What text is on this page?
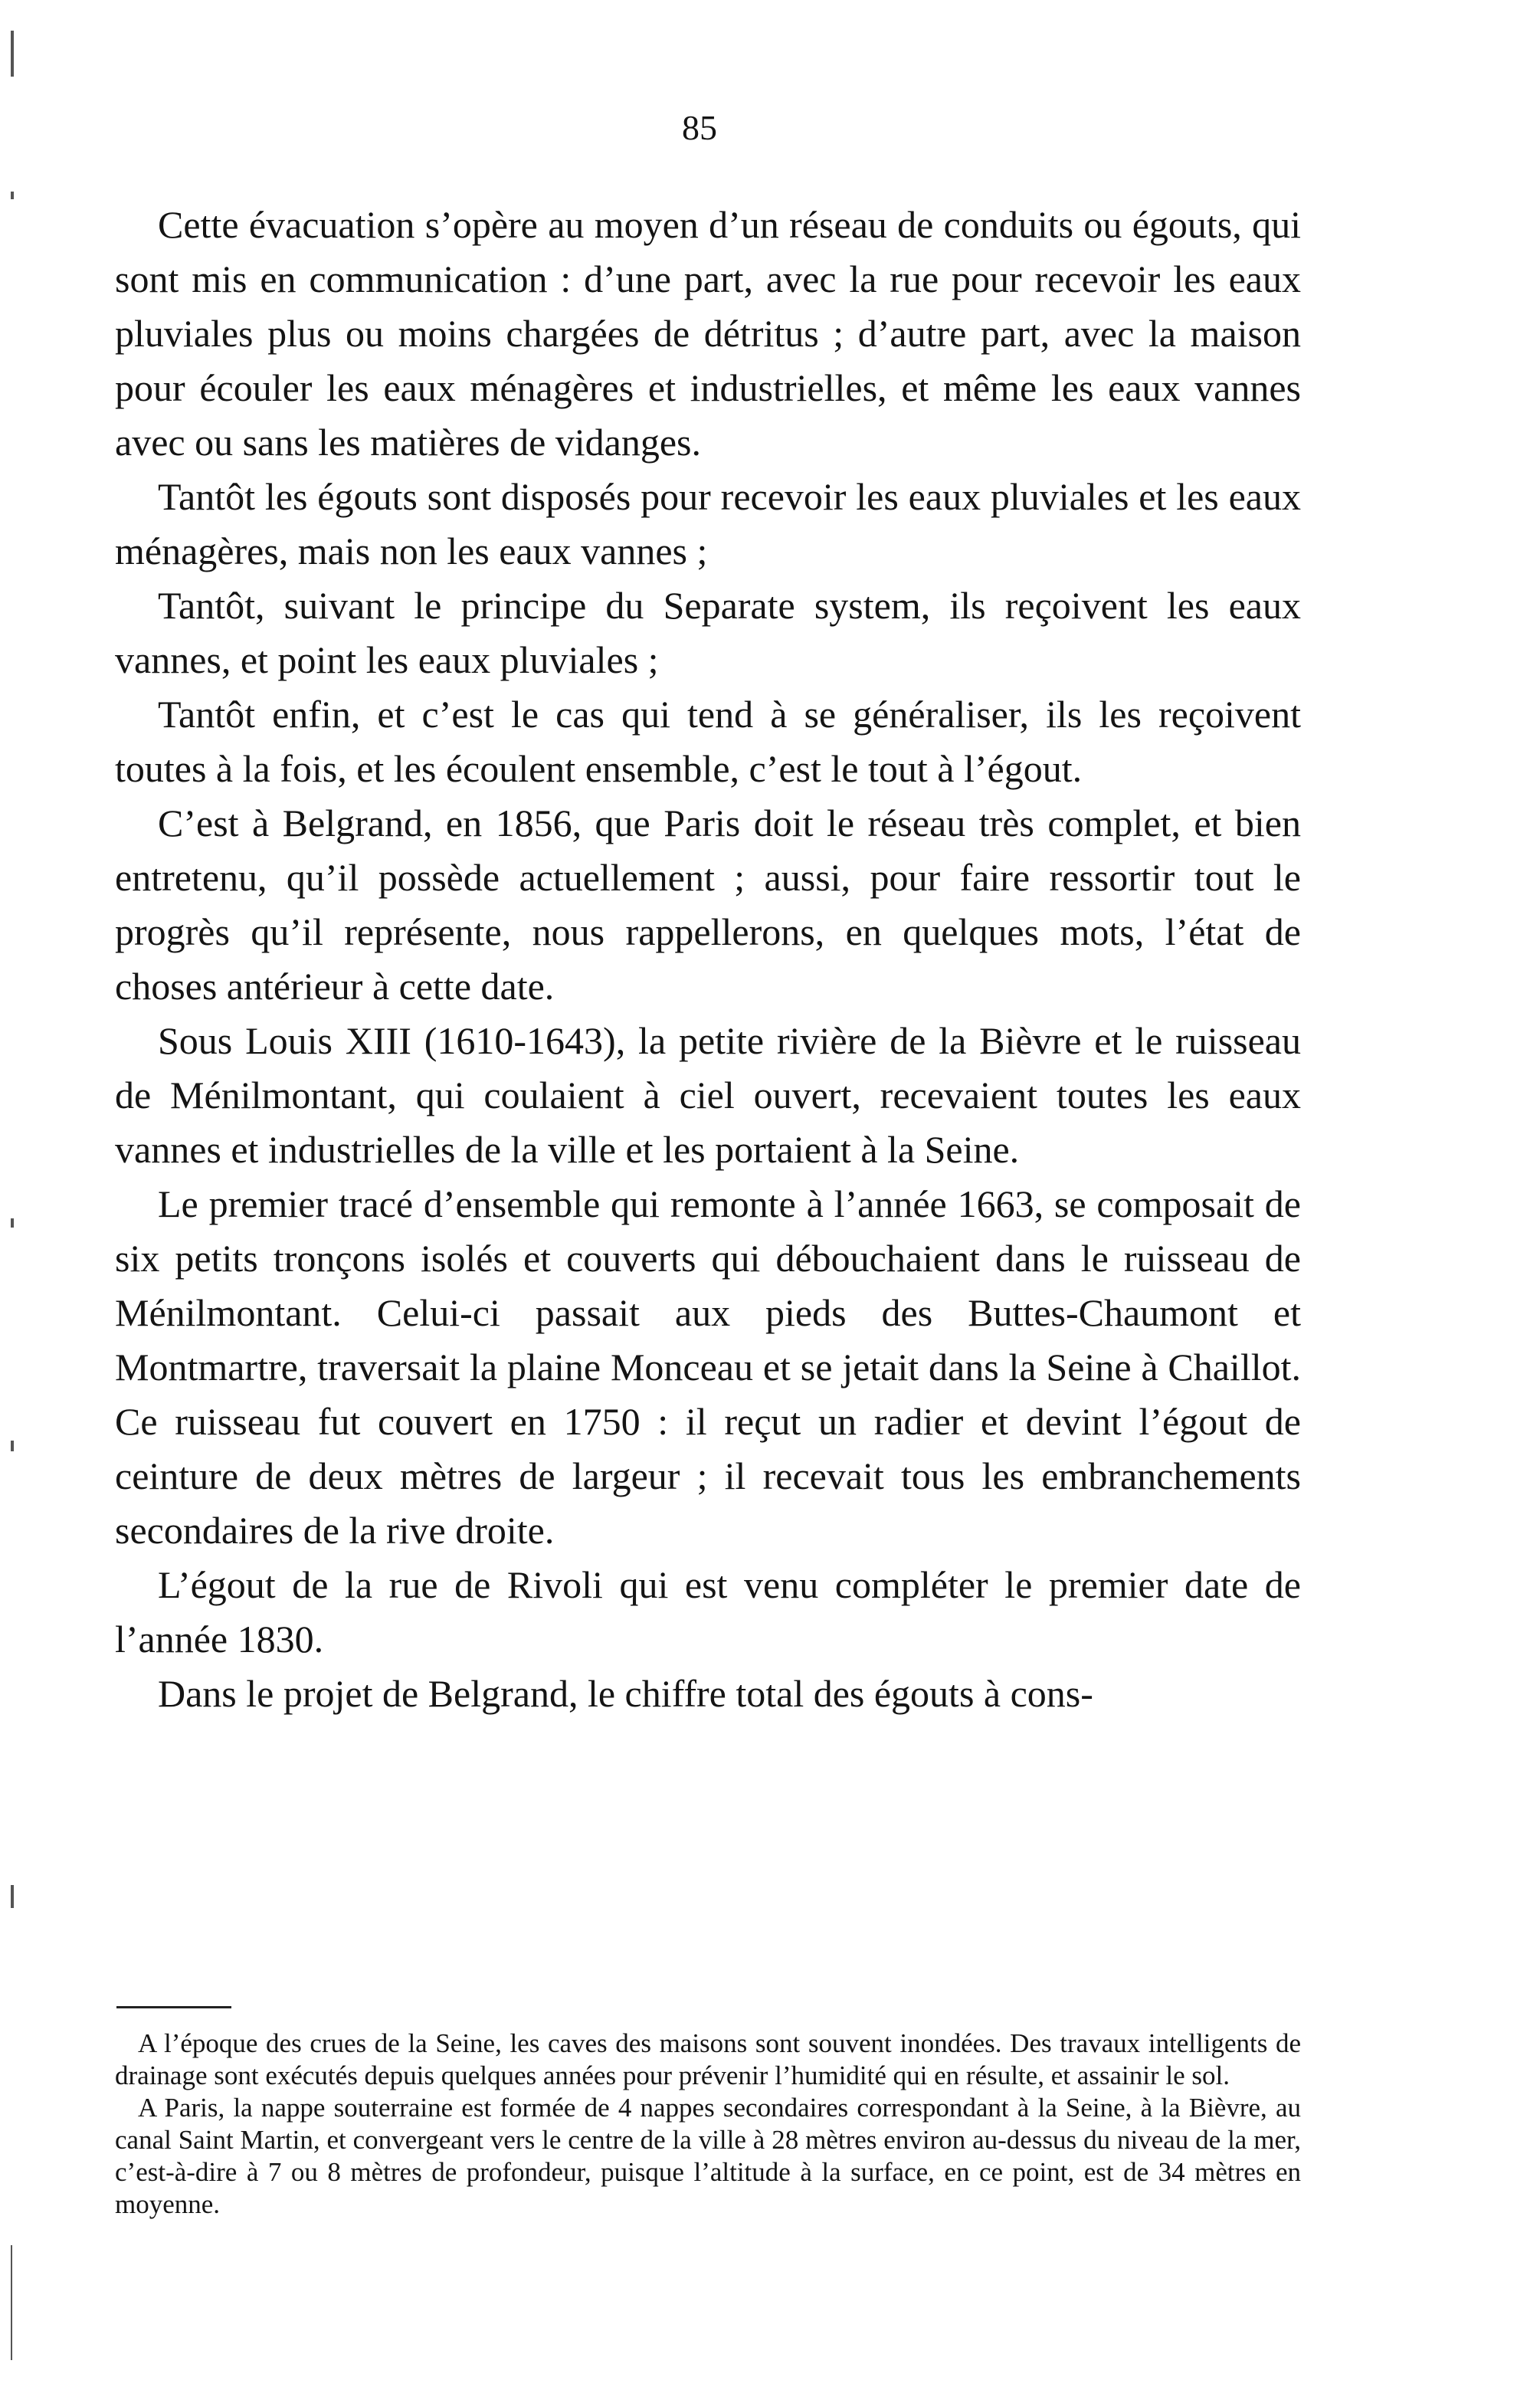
85

Cette évacuation s’opère au moyen d’un réseau de conduits ou égouts, qui sont mis en communication : d’une part, avec la rue pour recevoir les eaux pluviales plus ou moins chargées de détritus ; d’autre part, avec la maison pour écouler les eaux ménagères et industrielles, et même les eaux vannes avec ou sans les matières de vidanges.

Tantôt les égouts sont disposés pour recevoir les eaux pluviales et les eaux ménagères, mais non les eaux vannes ;

Tantôt, suivant le principe du Separate system, ils reçoivent les eaux vannes, et point les eaux pluviales ;

Tantôt enfin, et c’est le cas qui tend à se généraliser, ils les reçoivent toutes à la fois, et les écoulent ensemble, c’est le tout à l’égout.

C’est à Belgrand, en 1856, que Paris doit le réseau très complet, et bien entretenu, qu’il possède actuellement ; aussi, pour faire ressortir tout le progrès qu’il représente, nous rappellerons, en quelques mots, l’état de choses antérieur à cette date.

Sous Louis XIII (1610-1643), la petite rivière de la Bièvre et le ruisseau de Ménilmontant, qui coulaient à ciel ouvert, recevaient toutes les eaux vannes et industrielles de la ville et les portaient à la Seine.

Le premier tracé d’ensemble qui remonte à l’année 1663, se composait de six petits tronçons isolés et couverts qui débouchaient dans le ruisseau de Ménilmontant. Celui-ci passait aux pieds des Buttes-Chaumont et Montmartre, traversait la plaine Monceau et se jetait dans la Seine à Chaillot. Ce ruisseau fut couvert en 1750 : il reçut un radier et devint l’égout de ceinture de deux mètres de largeur ; il recevait tous les embranchements secondaires de la rive droite.

L’égout de la rue de Rivoli qui est venu compléter le premier date de l’année 1830.

Dans le projet de Belgrand, le chiffre total des égouts à cons-

A l’époque des crues de la Seine, les caves des maisons sont souvent inondées. Des travaux intelligents de drainage sont exécutés depuis quelques années pour prévenir l’humidité qui en résulte, et assainir le sol.

A Paris, la nappe souterraine est formée de 4 nappes secondaires correspondant à la Seine, à la Bièvre, au canal Saint Martin, et convergeant vers le centre de la ville à 28 mètres environ au-dessus du niveau de la mer, c’est-à-dire à 7 ou 8 mètres de profondeur, puisque l’altitude à la surface, en ce point, est de 34 mètres en moyenne.
